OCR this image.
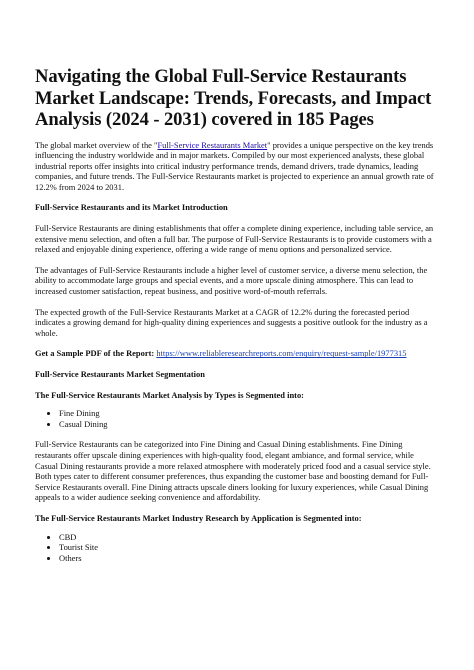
Navigating the Global Full-Service Restaurants Market Landscape: Trends, Forecasts, and Impact Analysis (2024 - 2031) covered in 185 Pages

The global market overview of the "Full-Service Restaurants Market" provides a unique perspective on the key trends influencing the industry worldwide and in major markets. Compiled by our most experienced analysts, these global industrial reports offer insights into critical industry performance trends, demand drivers, trade dynamics, leading companies, and future trends. The Full-Service Restaurants market is projected to experience an annual growth rate of 12.2% from 2024 to 2031.

Full-Service Restaurants and its Market Introduction

Full-Service Restaurants are dining establishments that offer a complete dining experience, including table service, an extensive menu selection, and often a full bar. The purpose of Full-Service Restaurants is to provide customers with a relaxed and enjoyable dining experience, offering a wide range of menu options and personalized service.

The advantages of Full-Service Restaurants include a higher level of customer service, a diverse menu selection, the ability to accommodate large groups and special events, and a more upscale dining atmosphere. This can lead to increased customer satisfaction, repeat business, and positive word-of-mouth referrals.

The expected growth of the Full-Service Restaurants Market at a CAGR of 12.2% during the forecasted period indicates a growing demand for high-quality dining experiences and suggests a positive outlook for the industry as a whole.

Get a Sample PDF of the Report: https://www.reliableresearchreports.com/enquiry/request-sample/1977315

Full-Service Restaurants Market Segmentation
The Full-Service Restaurants Market Analysis by Types is Segmented into:
• Fine Dining
• Casual Dining

Full-Service Restaurants can be categorized into Fine Dining and Casual Dining establishments. Fine Dining restaurants offer upscale dining experiences with high-quality food, elegant ambiance, and formal service, while Casual Dining restaurants provide a more relaxed atmosphere with moderately priced food and a casual service style. Both types cater to different consumer preferences, thus expanding the customer base and boosting demand for Full-Service Restaurants overall. Fine Dining attracts upscale diners looking for luxury experiences, while Casual Dining appeals to a wider audience seeking convenience and affordability.

The Full-Service Restaurants Market Industry Research by Application is Segmented into:
• CBD
• Tourist Site
• Others
